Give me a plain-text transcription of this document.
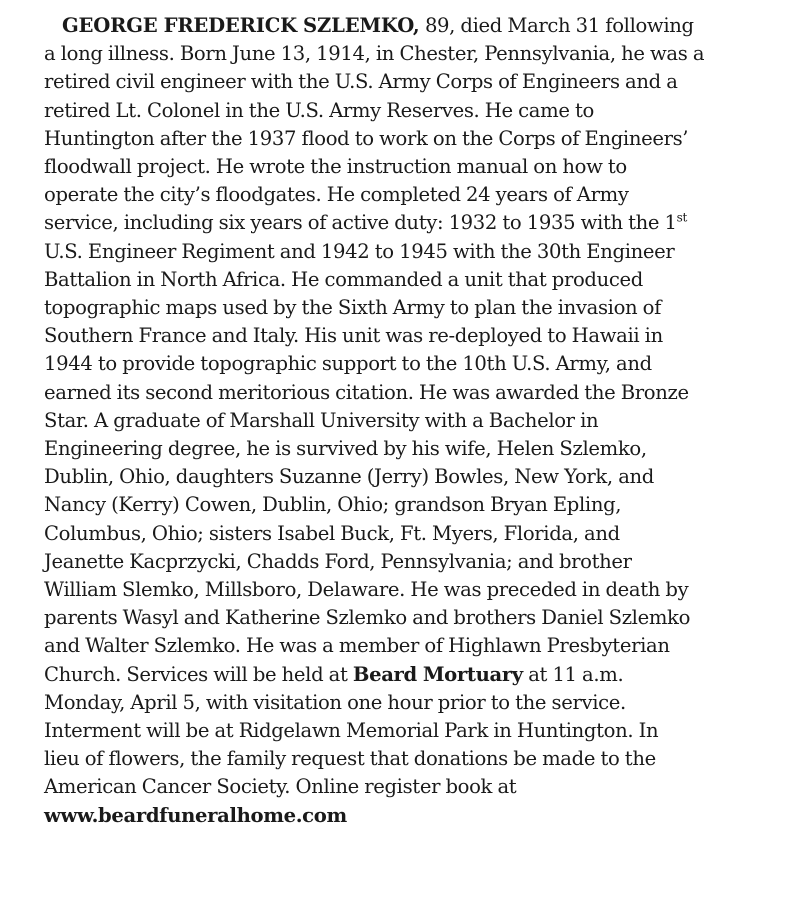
GEORGE FREDERICK SZLEMKO, 89, died March 31 following
a long illness. Born June 13, 1914, in Chester, Pennsylvania, he was a
retired civil engineer with the U.S. Army Corps of Engineers and a
retired Lt. Colonel in the U.S. Army Reserves. He came to
Huntington after the 1937 flood to work on the Corps of Engineers’
floodwall project. He wrote the instruction manual on how to
operate the city’s floodgates. He completed 24 years of Army
service, including six years of active duty: 1932 to 1935 with the 1st
U.S. Engineer Regiment and 1942 to 1945 with the 30th Engineer
Battalion in North Africa. He commanded a unit that produced
topographic maps used by the Sixth Army to plan the invasion of
Southern France and Italy. His unit was re-deployed to Hawaii in
1944 to provide topographic support to the 10th U.S. Army, and
earned its second meritorious citation. He was awarded the Bronze
Star. A graduate of Marshall University with a Bachelor in
Engineering degree, he is survived by his wife, Helen Szlemko,
Dublin, Ohio, daughters Suzanne (Jerry) Bowles, New York, and
Nancy (Kerry) Cowen, Dublin, Ohio; grandson Bryan Epling,
Columbus, Ohio; sisters Isabel Buck, Ft. Myers, Florida, and
Jeanette Kacprzycki, Chadds Ford, Pennsylvania; and brother
William Slemko, Millsboro, Delaware. He was preceded in death by
parents Wasyl and Katherine Szlemko and brothers Daniel Szlemko
and Walter Szlemko. He was a member of Highlawn Presbyterian
Church. Services will be held at Beard Mortuary at 11 a.m.
Monday, April 5, with visitation one hour prior to the service.
Interment will be at Ridgelawn Memorial Park in Huntington. In
lieu of flowers, the family request that donations be made to the
American Cancer Society. Online register book at
www.beardfuneralhome.com
